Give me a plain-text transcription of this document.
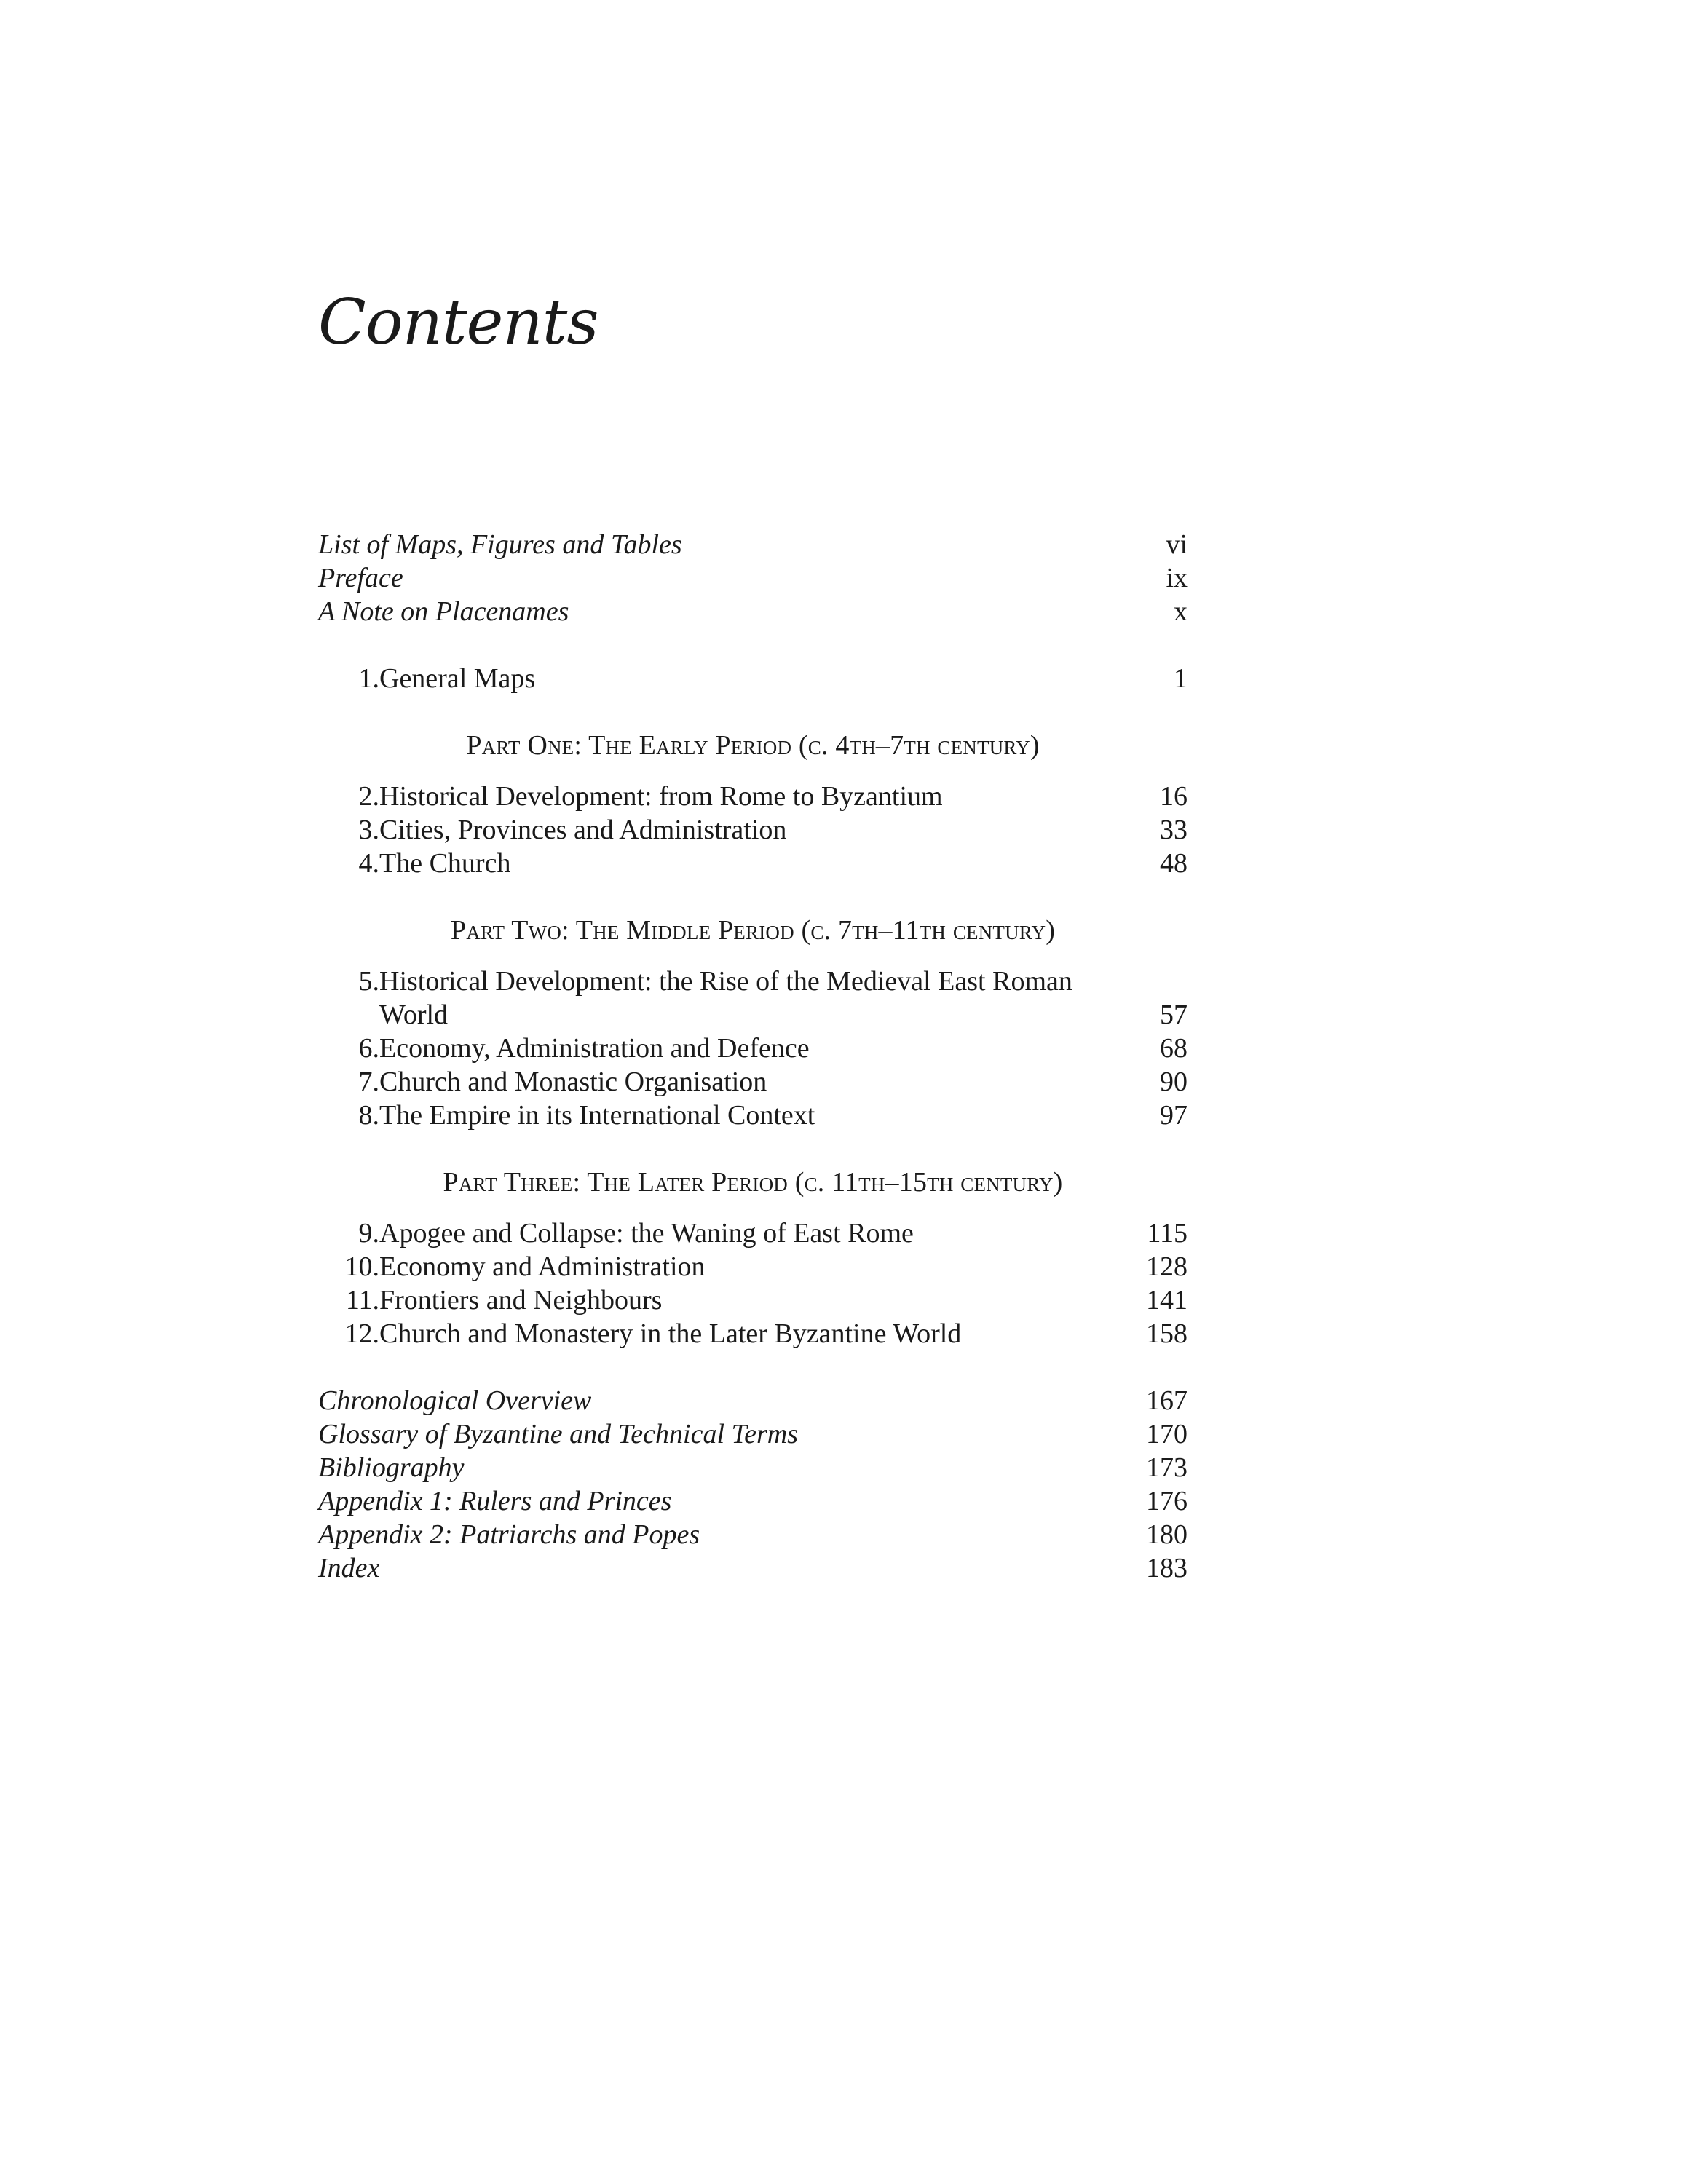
Contents
List of Maps, Figures and Tables	vi
Preface	ix
A Note on Placenames	x
1. General Maps	1
Part One: The Early Period (c. 4th–7th century)
2. Historical Development: from Rome to Byzantium	16
3. Cities, Provinces and Administration	33
4. The Church	48
Part Two: The Middle Period (c. 7th–11th century)
5. Historical Development: the Rise of the Medieval East Roman World	57
6. Economy, Administration and Defence	68
7. Church and Monastic Organisation	90
8. The Empire in its International Context	97
Part Three: The Later Period (c. 11th–15th century)
9. Apogee and Collapse: the Waning of East Rome	115
10. Economy and Administration	128
11. Frontiers and Neighbours	141
12. Church and Monastery in the Later Byzantine World	158
Chronological Overview	167
Glossary of Byzantine and Technical Terms	170
Bibliography	173
Appendix 1: Rulers and Princes	176
Appendix 2: Patriarchs and Popes	180
Index	183
